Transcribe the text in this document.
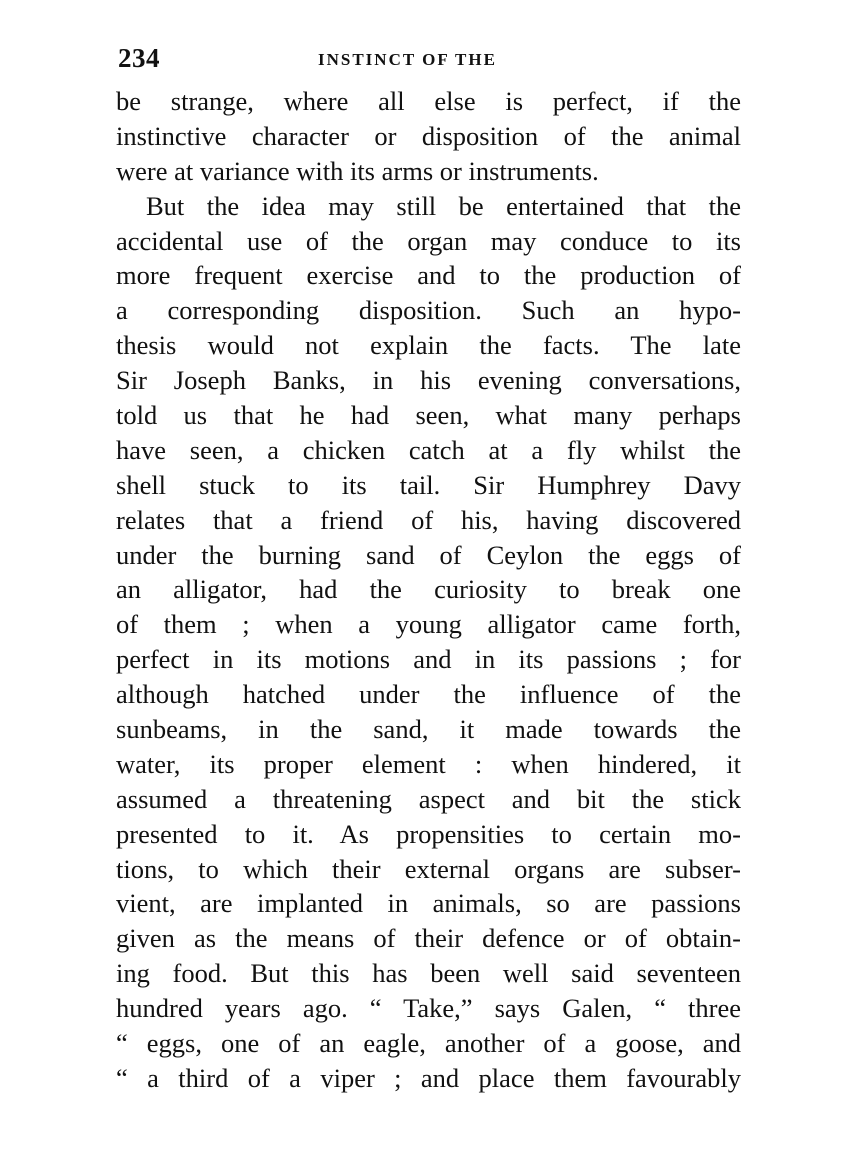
234	INSTINCT OF THE
be strange, where all else is perfect, if the
instinctive character or disposition of the animal
were at variance with its arms or instruments.
But the idea may still be entertained that the
accidental use of the organ may conduce to its
more frequent exercise and to the production of
a corresponding disposition. Such an hypo-
thesis would not explain the facts. The late
Sir Joseph Banks, in his evening conversations,
told us that he had seen, what many perhaps
have seen, a chicken catch at a fly whilst the
shell stuck to its tail. Sir Humphrey Davy
relates that a friend of his, having discovered
under the burning sand of Ceylon the eggs of
an alligator, had the curiosity to break one
of them ; when a young alligator came forth,
perfect in its motions and in its passions ; for
although hatched under the influence of the
sunbeams, in the sand, it made towards the
water, its proper element : when hindered, it
assumed a threatening aspect and bit the stick
presented to it. As propensities to certain mo-
tions, to which their external organs are subser-
vient, are implanted in animals, so are passions
given as the means of their defence or of obtain-
ing food. But this has been well said seventeen
hundred years ago. “ Take,” says Galen, “ three
“ eggs, one of an eagle, another of a goose, and
“ a third of a viper ; and place them favourably
